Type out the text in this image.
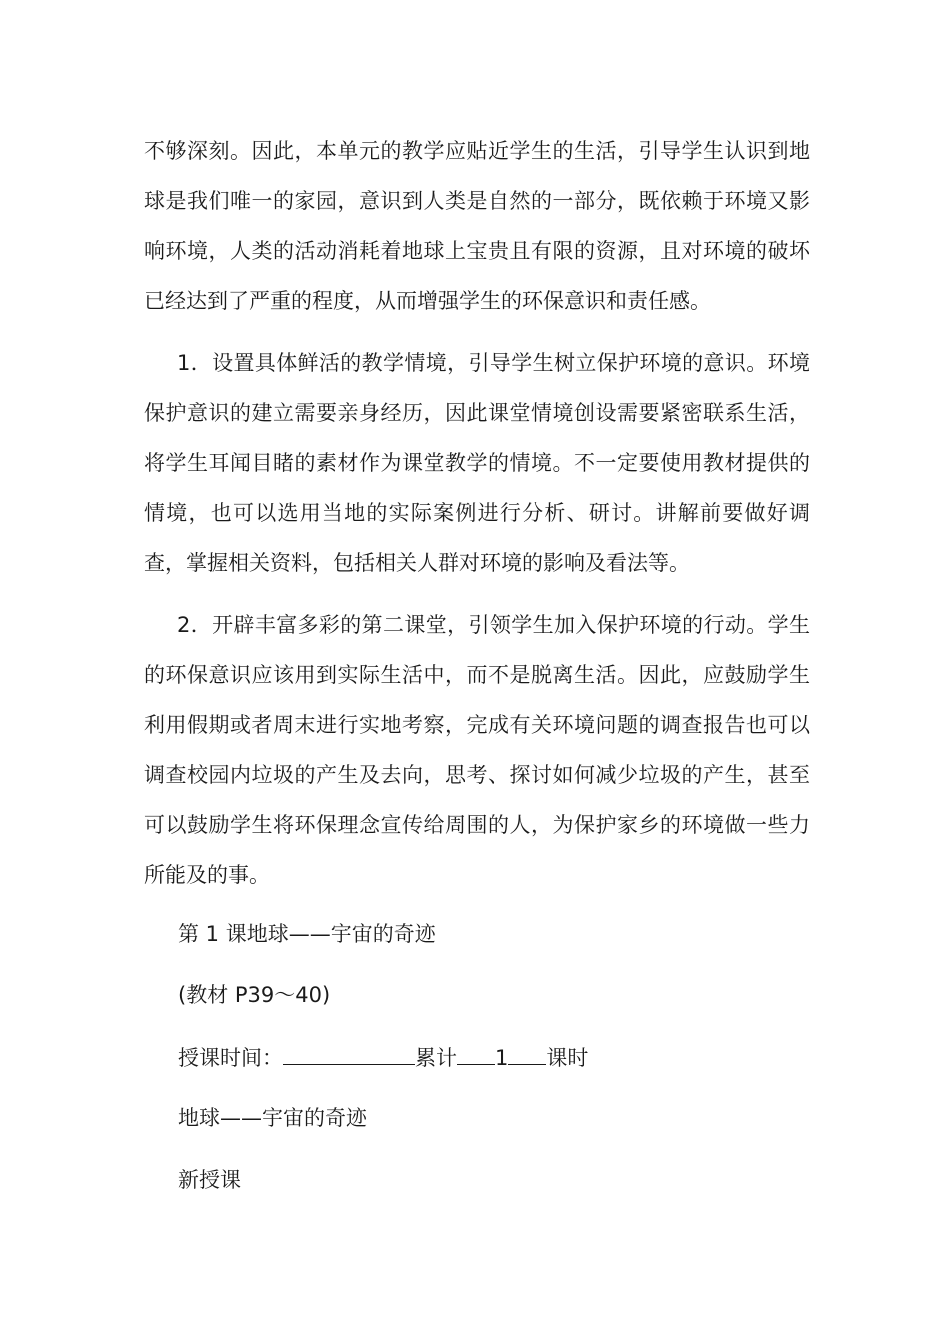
不够深刻。因此，本单元的教学应贴近学生的生活，引导学生认识到地球是我们唯一的家园，意识到人类是自然的一部分，既依赖于环境又影响环境，人类的活动消耗着地球上宝贵且有限的资源，且对环境的破坏已经达到了严重的程度，从而增强学生的环保意识和责任感。

1．设置具体鲜活的教学情境，引导学生树立保护环境的意识。环境保护意识的建立需要亲身经历，因此课堂情境创设需要紧密联系生活，将学生耳闻目睹的素材作为课堂教学的情境。不一定要使用教材提供的情境，也可以选用当地的实际案例进行分析、研讨。讲解前要做好调查，掌握相关资料，包括相关人群对环境的影响及看法等。

2．开辟丰富多彩的第二课堂，引领学生加入保护环境的行动。学生的环保意识应该用到实际生活中，而不是脱离生活。因此，应鼓励学生利用假期或者周末进行实地考察，完成有关环境问题的调查报告也可以调查校园内垃圾的产生及去向，思考、探讨如何减少垃圾的产生，甚至可以鼓励学生将环保理念宣传给周围的人，为保护家乡的环境做一些力所能及的事。

第 1 课地球——宇宙的奇迹

(教材 P39～40)

授课时间：	累计 1 课时

地球——宇宙的奇迹

新授课
